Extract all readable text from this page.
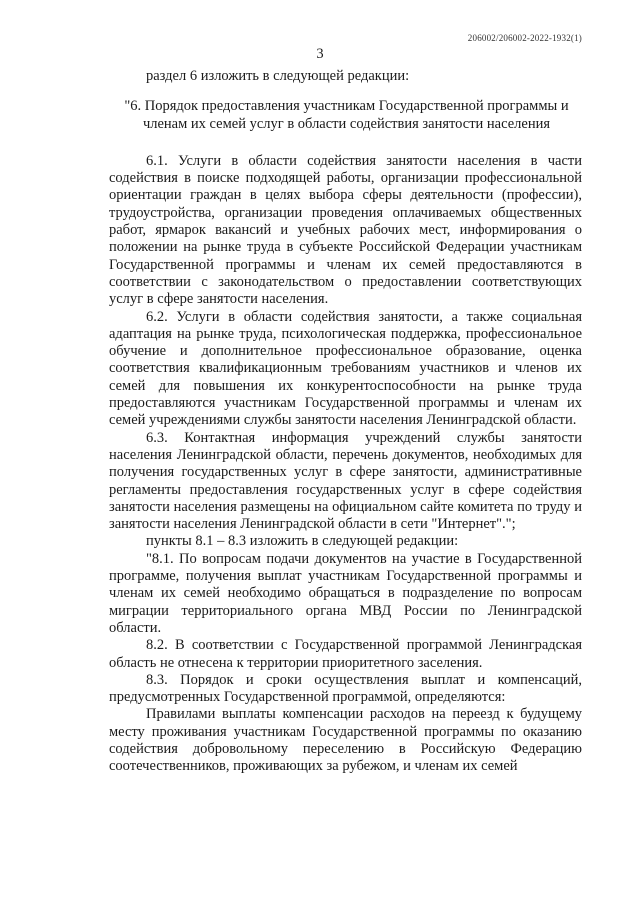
206002/206002-2022-1932(1)
3

раздел 6 изложить в следующей редакции:

"6. Порядок предоставления участникам Государственной программы и членам их семей услуг в области содействия занятости населения

6.1. Услуги в области содействия занятости населения в части содействия в поиске подходящей работы, организации профессиональной ориентации граждан в целях выбора сферы деятельности (профессии), трудоустройства, организации проведения оплачиваемых общественных работ, ярмарок вакансий и учебных рабочих мест, информирования о положении на рынке труда в субъекте Российской Федерации участникам Государственной программы и членам их семей предоставляются в соответствии с законодательством о предоставлении соответствующих услуг в сфере занятости населения.

6.2. Услуги в области содействия занятости, а также социальная адаптация на рынке труда, психологическая поддержка, профессиональное обучение и дополнительное профессиональное образование, оценка соответствия квалификационным требованиям участников и членов их семей для повышения их конкурентоспособности на рынке труда предоставляются участникам Государственной программы и членам их семей учреждениями службы занятости населения Ленинградской области.

6.3. Контактная информация учреждений службы занятости населения Ленинградской области, перечень документов, необходимых для получения государственных услуг в сфере занятости, административные регламенты предоставления государственных услуг в сфере содействия занятости населения размещены на официальном сайте комитета по труду и занятости населения Ленинградской области в сети "Интернет".";

пункты 8.1 – 8.3 изложить в следующей редакции:

"8.1. По вопросам подачи документов на участие в Государственной программе, получения выплат участникам Государственной программы и членам их семей необходимо обращаться в подразделение по вопросам миграции территориального органа МВД России по Ленинградской области.

8.2. В соответствии с Государственной программой Ленинградская область не отнесена к территории приоритетного заселения.

8.3. Порядок и сроки осуществления выплат и компенсаций, предусмотренных Государственной программой, определяются:

Правилами выплаты компенсации расходов на переезд к будущему месту проживания участникам Государственной программы по оказанию содействия добровольному переселению в Российскую Федерацию соотечественников, проживающих за рубежом, и членам их семей
